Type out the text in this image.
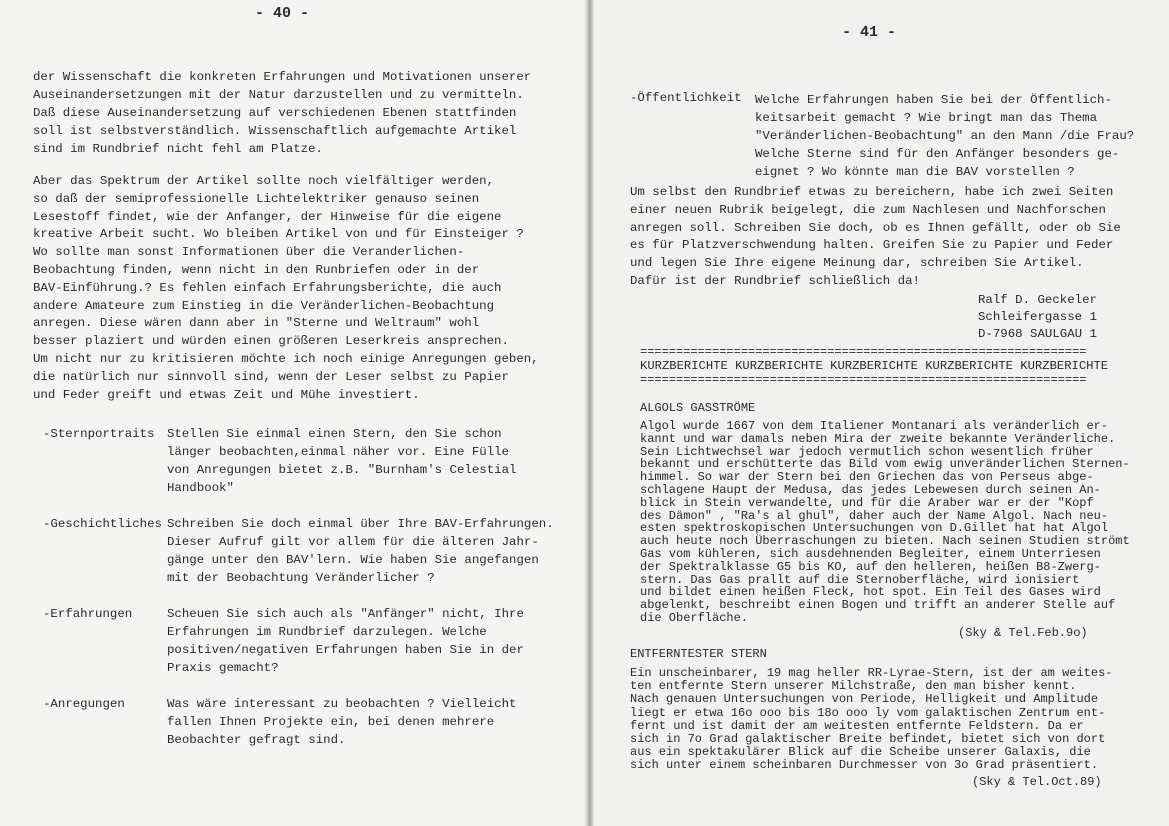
- 40 -
- 41 -
der Wissenschaft die konkreten Erfahrungen und Motivationen unserer
Auseinandersetzungen mit der Natur darzustellen und zu vermitteln.
Daß diese Auseinandersetzung auf verschiedenen Ebenen stattfinden
soll ist selbstverständlich. Wissenschaftlich aufgemachte Artikel
sind im Rundbrief nicht fehl am Platze.
Aber das Spektrum der Artikel sollte noch vielfältiger werden,
so daß der semiprofessionelle Lichtelektriker genauso seinen
Lesestoff findet, wie der Anfanger, der Hinweise für die eigene
kreative Arbeit sucht. Wo bleiben Artikel von und für Einsteiger ?
Wo sollte man sonst Informationen über die Veranderlichen-
Beobachtung finden, wenn nicht in den Runbriefen oder in der
BAV-Einführung.? Es fehlen einfach Erfahrungsberichte, die auch
andere Amateure zum Einstieg in die Veränderlichen-Beobachtung
anregen. Diese wären dann aber in "Sterne und Weltraum" wohl
besser plaziert und würden einen größeren Leserkreis ansprechen.
Um nicht nur zu kritisieren möchte ich noch einige Anregungen geben,
die natürlich nur sinnvoll sind, wenn der Leser selbst zu Papier
und Feder greift und etwas Zeit und Mühe investiert.
-Sternportraits Stellen Sie einmal einen Stern, den Sie schon
länger beobachten,einmal näher vor. Eine Fülle
von Anregungen bietet z.B. "Burnham's Celestial
Handbook"
-Geschichtliches Schreiben Sie doch einmal über Ihre BAV-Erfahrungen.
Dieser Aufruf gilt vor allem für die älteren Jahr-
gänge unter den BAV'lern. Wie haben Sie angefangen
mit der Beobachtung Veränderlicher ?
-Erfahrungen	Scheuen Sie sich auch als "Anfänger" nicht, Ihre
Erfahrungen im Rundbrief darzulegen. Welche
positiven/negativen Erfahrungen haben Sie in der
Praxis gemacht?
-Anregungen	Was wäre interessant zu beobachten ? Vielleicht
fallen Ihnen Projekte ein, bei denen mehrere
Beobachter gefragt sind.
-Öffentlichkeit Welche Erfahrungen haben Sie bei der Öffentlich-
keitsarbeit gemacht ? Wie bringt man das Thema
"Veränderlichen-Beobachtung" an den Mann /die Frau?
Welche Sterne sind für den Anfänger besonders ge-
eignet ? Wo könnte man die BAV vorstellen ?
Um selbst den Rundbrief etwas zu bereichern, habe ich zwei Seiten
einer neuen Rubrik beigelegt, die zum Nachlesen und Nachforschen
anregen soll. Schreiben Sie doch, ob es Ihnen gefällt, oder ob Sie
es für Platzverschwendung halten. Greifen Sie zu Papier und Feder
und legen Sie Ihre eigene Meinung dar, schreiben Sie Artikel.
Dafür ist der Rundbrief schließlich da!
Ralf D. Geckeler
Schleifergasse 1
D-7968 SAULGAU 1
==============================================================
KURZBERICHTE KURZBERICHTE KURZBERICHTE KURZBERICHTE KURZBERICHTE
==============================================================
ALGOLS GASSTRÖME
Algol wurde 1667 von dem Italiener Montanari als veränderlich er-
kannt und war damals neben Mira der zweite bekannte Veränderliche.
Sein Lichtwechsel war jedoch vermutlich schon wesentlich früher
bekannt und erschütterte das Bild vom ewig unveränderlichen Sternen-
himmel. So war der Stern bei den Griechen das von Perseus abge-
schlagene Haupt der Medusa, das jedes Lebewesen durch seinen An-
blick in Stein verwandelte, und für die Araber war er der "Kopf
des Dämon" , "Ra's al ghul", daher auch der Name Algol. Nach neu-
esten spektroskopischen Untersuchungen von D.Gillet hat hat Algol
auch heute noch Überraschungen zu bieten. Nach seinen Studien strömt
Gas vom kühleren, sich ausdehnenden Begleiter, einem Unterriesen
der Spektralklasse G5 bis KO, auf den helleren, heißen B8-Zwerg-
stern. Das Gas prallt auf die Sternoberfläche, wird ionisiert
und bildet einen heißen Fleck, hot spot. Ein Teil des Gases wird
abgelenkt, beschreibt einen Bogen und trifft an anderer Stelle auf
die Oberfläche.
(Sky & Tel.Feb.9o)
ENTFERNTESTER STERN
Ein unscheinbarer, 19 mag heller RR-Lyrae-Stern, ist der am weites-
ten entfernte Stern unserer Milchstraße, den man bisher kennt.
Nach genauen Untersuchungen von Periode, Helligkeit und Amplitude
liegt er etwa 16o ooo bis 18o ooo ly vom galaktischen Zentrum ent-
fernt und ist damit der am weitesten entfernte Feldstern. Da er
sich in 7o Grad galaktischer Breite befindet, bietet sich von dort
aus ein spektakulärer Blick auf die Scheibe unserer Galaxis, die
sich unter einem scheinbaren Durchmesser von 3o Grad präsentiert.
(Sky & Tel.Oct.89)
